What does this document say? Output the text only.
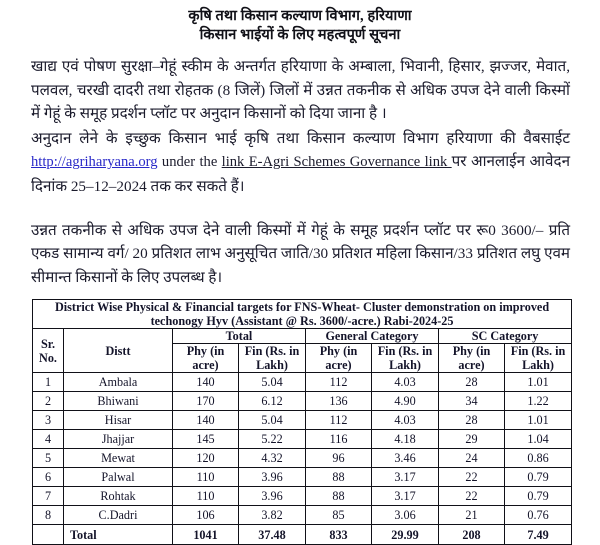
कृषि तथा किसान कल्याण विभाग, हरियाणा
किसान भाईयों के लिए महत्वपूर्ण सूचना

खाद्य एवं पोषण सुरक्षा–गेहूं स्कीम के अन्तर्गत हरियाणा के अम्बाला, भिवानी, हिसार, झज्जर, मेवात, पलवल, चरखी दादरी तथा रोहतक (8 जिलें) जिलों में उन्नत तकनीक से अधिक उपज देने वाली किस्मों में गेहूं के समूह प्रदर्शन प्लॉट पर अनुदान किसानों को दिया जाना है ।

अनुदान लेने के इच्छुक किसान भाई कृषि तथा किसान कल्याण विभाग हरियाणा की वैबसाईट http://agriharyana.org under the link E-Agri Schemes Governance link पर आनलाईन आवेदन दिनांक 25–12–2024 तक कर सकते हैं।

उन्नत तकनीक से अधिक उपज देने वाली किस्मों में गेहूं के समूह प्रदर्शन प्लॉट पर रू0 3600/– प्रति एकड सामान्य वर्ग/ 20 प्रतिशत लाभ अनुसूचित जाति/30 प्रतिशत महिला किसान/33 प्रतिशत लघु एवम सीमान्त किसानों के लिए उपलब्ध है।

District Wise Physical & Financial targets for FNS-Wheat- Cluster demonstration on improved techonogy Hyv (Assistant @ Rs. 3600/-acre.) Rabi-2024-25							
Sr. No.	Distt	Total		General Category		SC Category	
		Phy (in acre)	Fin (Rs. in Lakh)	Phy (in acre)	Fin (Rs. in Lakh)	Phy (in acre)	Fin (Rs. in Lakh)
1	Ambala	140	5.04	112	4.03	28	1.01
2	Bhiwani	170	6.12	136	4.90	34	1.22
3	Hisar	140	5.04	112	4.03	28	1.01
4	Jhajjar	145	5.22	116	4.18	29	1.04
5	Mewat	120	4.32	96	3.46	24	0.86
6	Palwal	110	3.96	88	3.17	22	0.79
7	Rohtak	110	3.96	88	3.17	22	0.79
8	C.Dadri	106	3.82	85	3.06	21	0.76
	Total	1041	37.48	833	29.99	208	7.49
